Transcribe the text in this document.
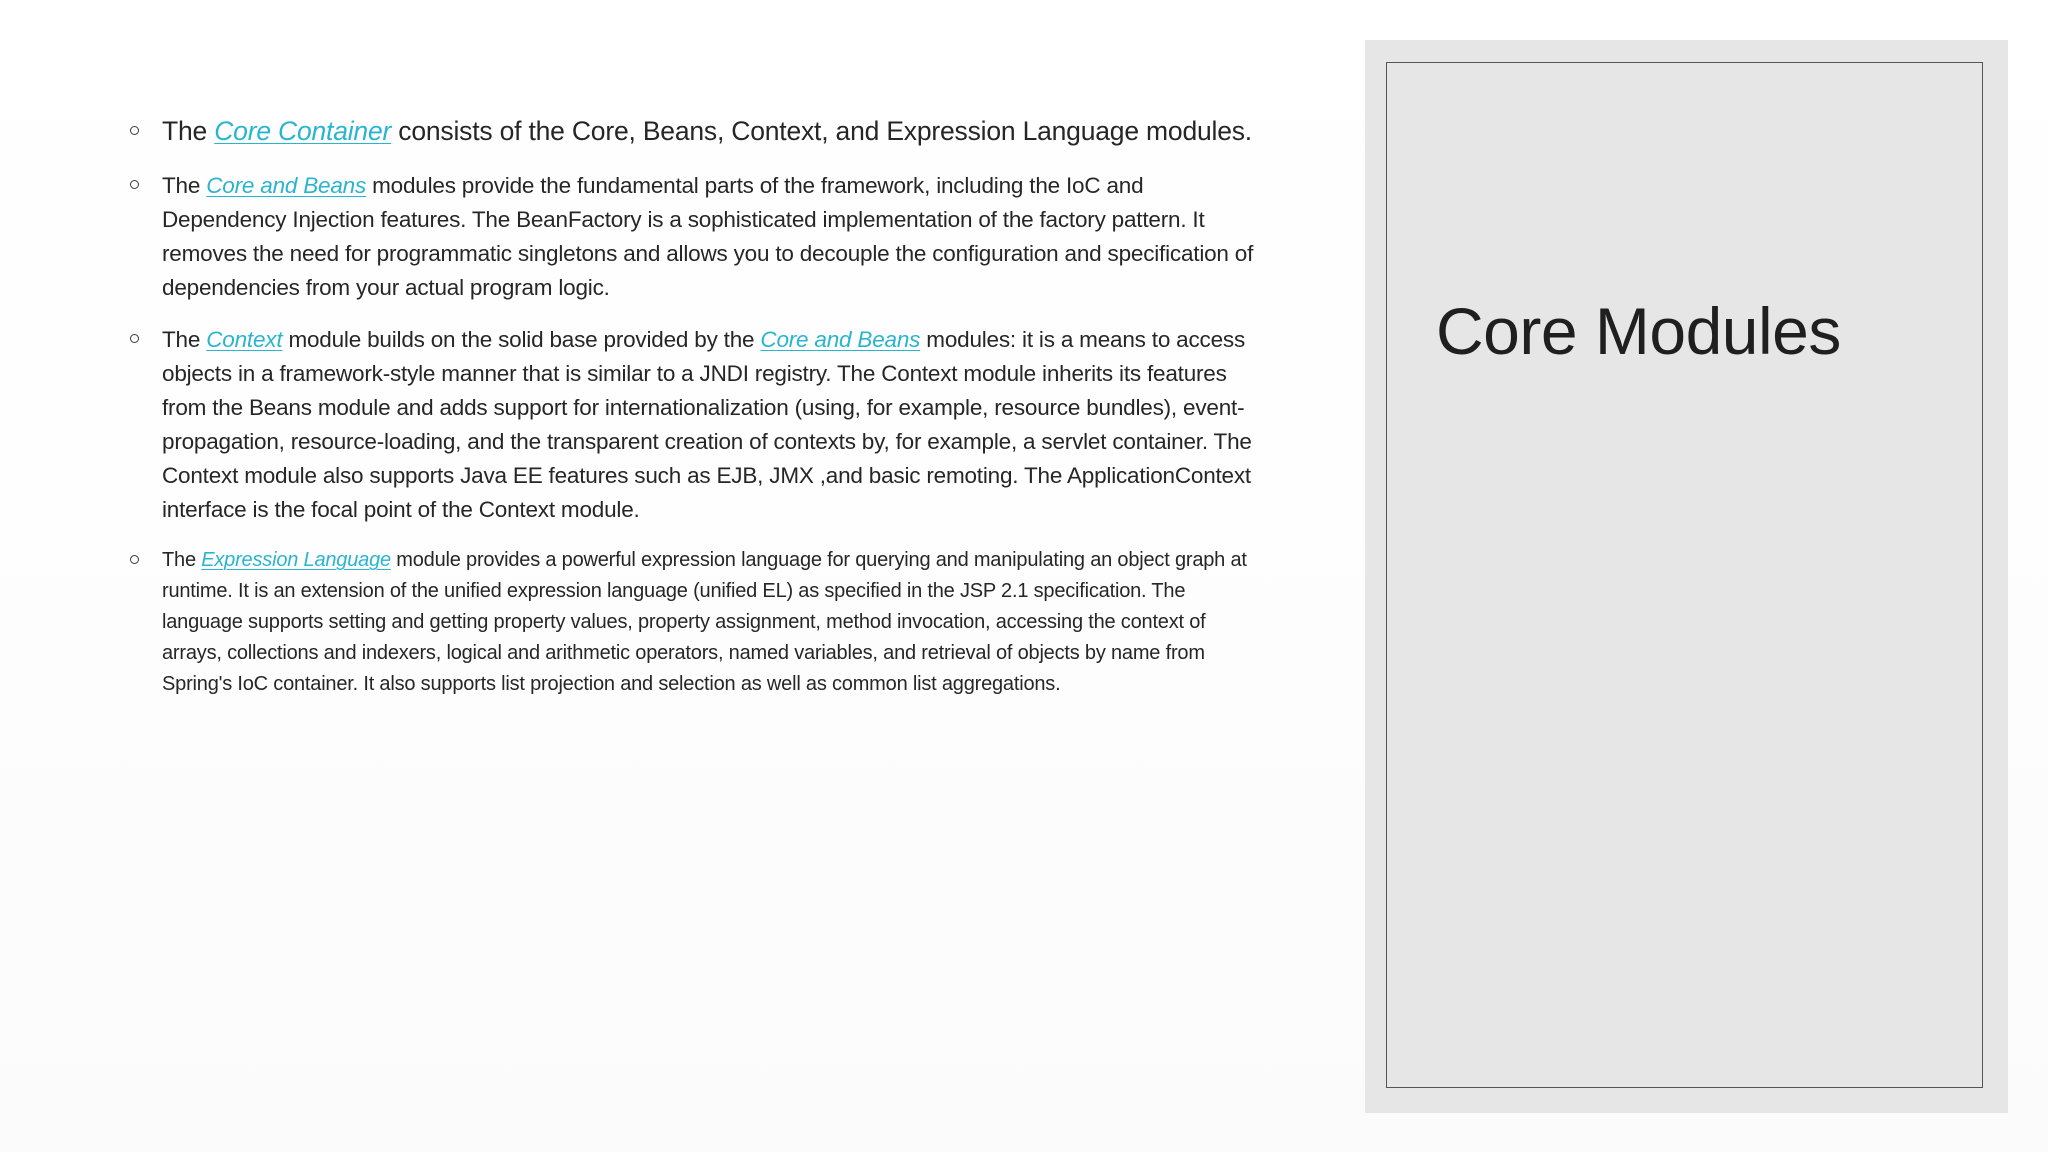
The Core Container consists of the Core, Beans, Context, and Expression Language modules.
The Core and Beans modules provide the fundamental parts of the framework, including the IoC and Dependency Injection features. The BeanFactory is a sophisticated implementation of the factory pattern. It removes the need for programmatic singletons and allows you to decouple the configuration and specification of dependencies from your actual program logic.
The Context module builds on the solid base provided by the Core and Beans modules: it is a means to access objects in a framework-style manner that is similar to a JNDI registry. The Context module inherits its features from the Beans module and adds support for internationalization (using, for example, resource bundles), event-propagation, resource-loading, and the transparent creation of contexts by, for example, a servlet container. The Context module also supports Java EE features such as EJB, JMX ,and basic remoting. The ApplicationContext interface is the focal point of the Context module.
The Expression Language module provides a powerful expression language for querying and manipulating an object graph at runtime. It is an extension of the unified expression language (unified EL) as specified in the JSP 2.1 specification. The language supports setting and getting property values, property assignment, method invocation, accessing the context of arrays, collections and indexers, logical and arithmetic operators, named variables, and retrieval of objects by name from Spring's IoC container. It also supports list projection and selection as well as common list aggregations.
Core Modules
